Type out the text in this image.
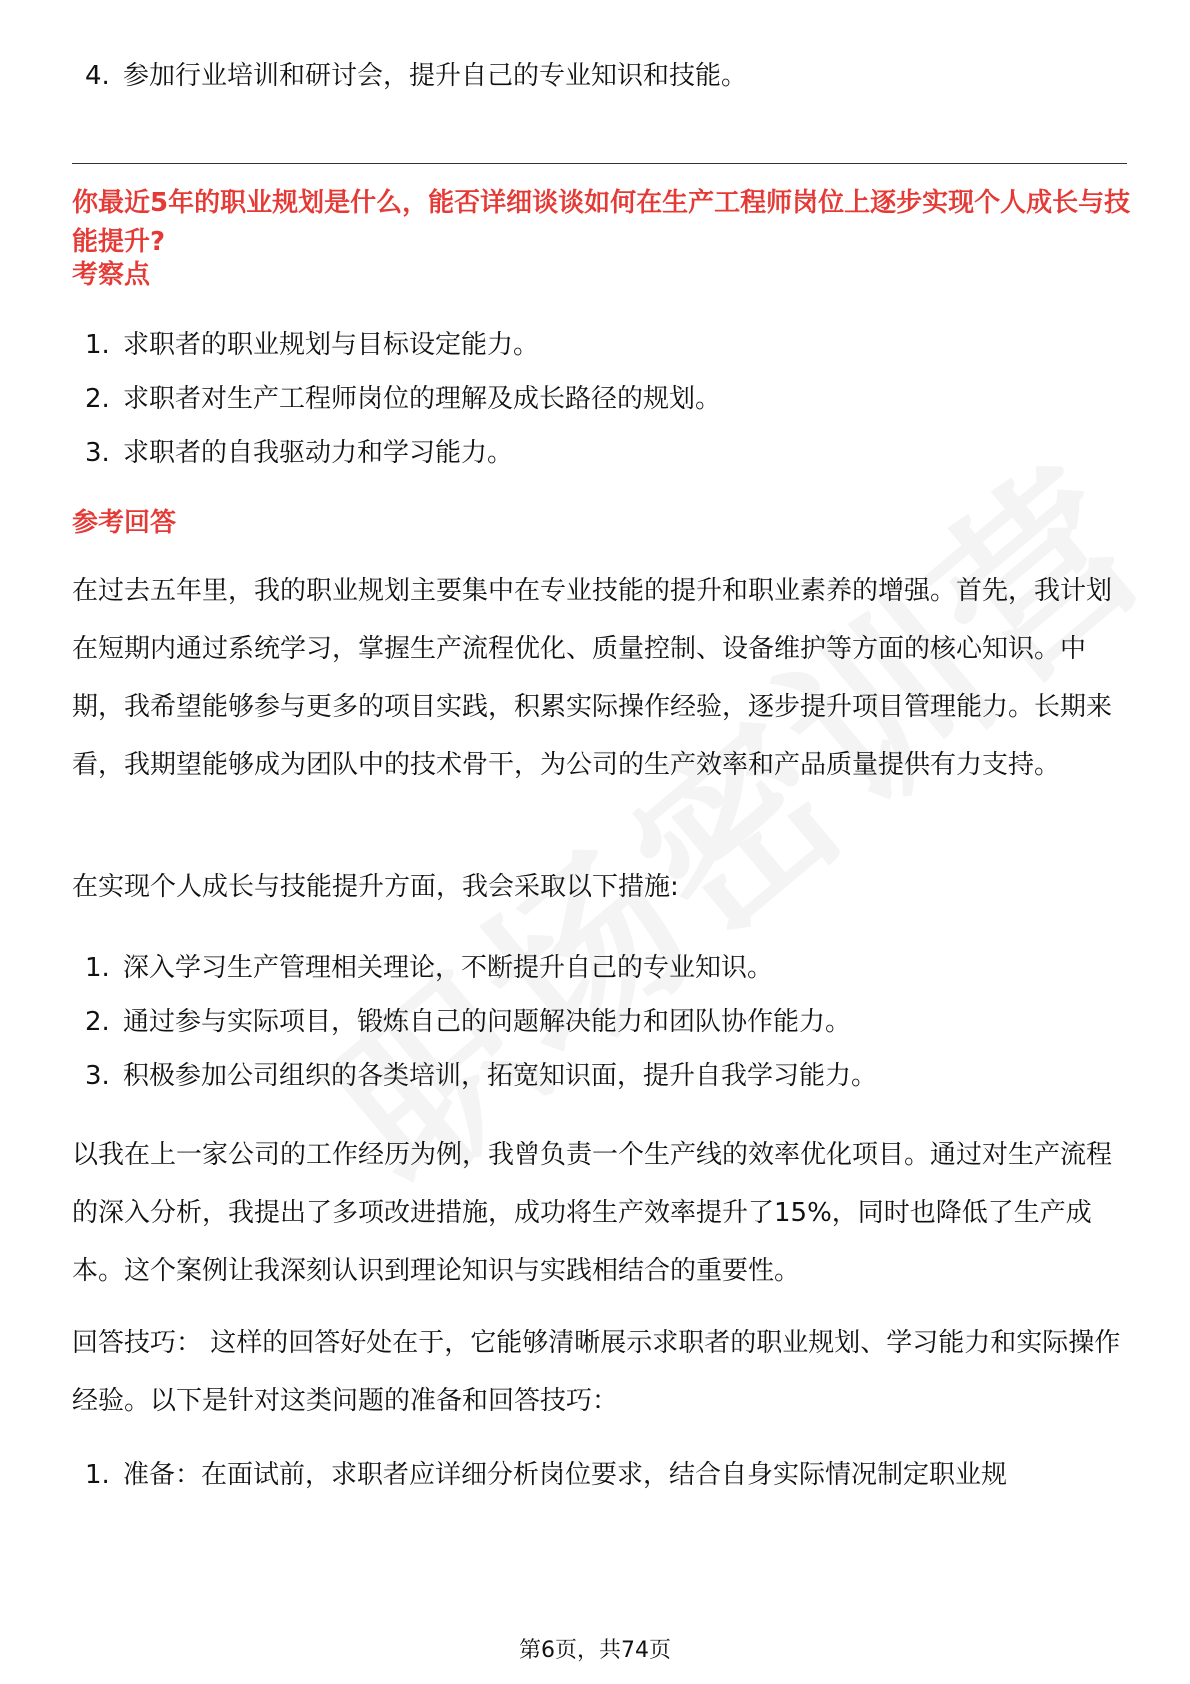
4. 参加行业培训和研讨会，提升自己的专业知识和技能。
你最近5年的职业规划是什么，能否详细谈谈如何在生产工程师岗位上逐步实现个人成长与技能提升?
考察点
1. 求职者的职业规划与目标设定能力。
2. 求职者对生产工程师岗位的理解及成长路径的规划。
3. 求职者的自我驱动力和学习能力。
参考回答

在过去五年里，我的职业规划主要集中在专业技能的提升和职业素养的增强。首先，我计划在短期内通过系统学习，掌握生产流程优化、质量控制、设备维护等方面的核心知识。中期，我希望能够参与更多的项目实践，积累实际操作经验，逐步提升项目管理能力。长期来看，我期望能够成为团队中的技术骨干，为公司的生产效率和产品质量提供有力支持。

在实现个人成长与技能提升方面，我会采取以下措施:

1. 深入学习生产管理相关理论，不断提升自己的专业知识。
2. 通过参与实际项目，锻炼自己的问题解决能力和团队协作能力。
3. 积极参加公司组织的各类培训，拓宽知识面，提升自我学习能力。

以我在上一家公司的工作经历为例，我曾负责一个生产线的效率优化项目。通过对生产流程的深入分析，我提出了多项改进措施，成功将生产效率提升了15%，同时也降低了生产成本。这个案例让我深刻认识到理论知识与实践相结合的重要性。

回答技巧： 这样的回答好处在于，它能够清晰展示求职者的职业规划、学习能力和实际操作经验。以下是针对这类问题的准备和回答技巧：

1. 准备：在面试前，求职者应详细分析岗位要求，结合自身实际情况制定职业规
第6页，共74页
